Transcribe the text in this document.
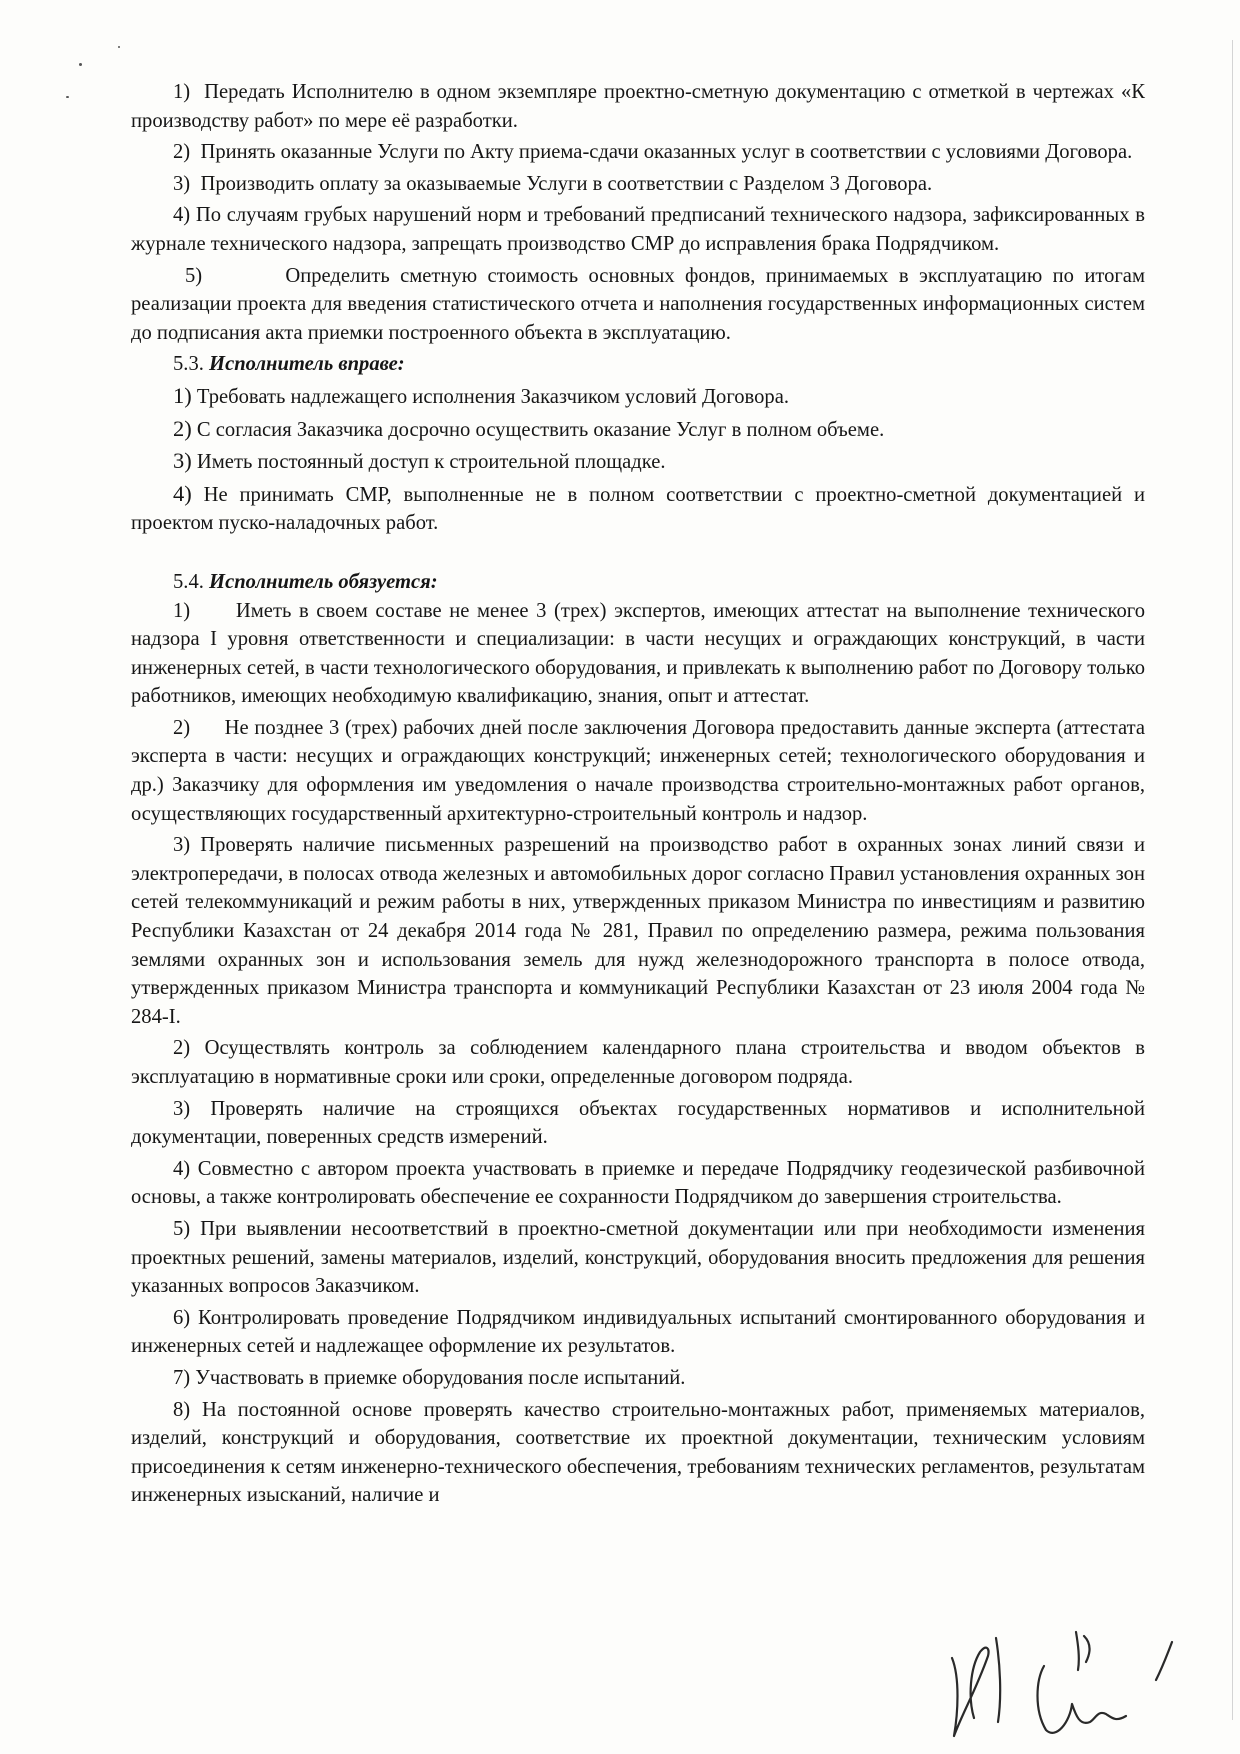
1)  Передать Исполнителю в одном экземпляре проектно-сметную документацию с отметкой в чертежах «К производству работ» по мере её разработки.

2)  Принять оказанные Услуги по Акту приема-сдачи оказанных услуг в соответствии с условиями Договора.

3)  Производить оплату за оказываемые Услуги в соответствии с Разделом 3 Договора.

4) По случаям грубых нарушений норм и требований предписаний технического надзора, зафиксированных в журнале технического надзора, запрещать производство СМР до исправления брака Подрядчиком.

5)        Определить сметную стоимость основных фондов, принимаемых в эксплуатацию по итогам реализации проекта для введения статистического отчета и наполнения государственных информационных систем до подписания акта приемки построенного объекта в эксплуатацию.

5.3. Исполнитель вправе:

1) Требовать надлежащего исполнения Заказчиком условий Договора.

2) С согласия Заказчика досрочно осуществить оказание Услуг в полном объеме.

3) Иметь постоянный доступ к строительной площадке.

4) Не принимать СМР, выполненные не в полном соответствии с проектно-сметной документацией и проектом пуско-наладочных работ.

5.4. Исполнитель обязуется:

1)      Иметь в своем составе не менее 3 (трех) экспертов, имеющих аттестат на выполнение технического надзора I уровня ответственности и специализации: в части несущих и ограждающих конструкций, в части инженерных сетей, в части технологического оборудования, и привлекать к выполнению работ по Договору только работников, имеющих необходимую квалификацию, знания, опыт и аттестат.

2)      Не позднее 3 (трех) рабочих дней после заключения Договора предоставить данные эксперта (аттестата эксперта в части: несущих и ограждающих конструкций; инженерных сетей; технологического оборудования и др.) Заказчику для оформления им уведомления о начале производства строительно-монтажных работ органов, осуществляющих государственный архитектурно-строительный контроль и надзор.

3) Проверять наличие письменных разрешений на производство работ в охранных зонах линий связи и электропередачи, в полосах отвода железных и автомобильных дорог согласно Правил установления охранных зон сетей телекоммуникаций и режим работы в них, утвержденных приказом Министра по инвестициям и развитию Республики Казахстан от 24 декабря 2014 года № 281, Правил по определению размера, режима пользования землями охранных зон и использования земель для нужд железнодорожного транспорта в полосе отвода, утвержденных приказом Министра транспорта и коммуникаций Республики Казахстан от 23 июля 2004 года № 284-I.

2) Осуществлять контроль за соблюдением календарного плана строительства и вводом объектов в эксплуатацию в нормативные сроки или сроки, определенные договором подряда.

3) Проверять наличие на строящихся объектах государственных нормативов и исполнительной документации, поверенных средств измерений.

4) Совместно с автором проекта участвовать в приемке и передаче Подрядчику геодезической разбивочной основы, а также контролировать обеспечение ее сохранности Подрядчиком до завершения строительства.

5) При выявлении несоответствий в проектно-сметной документации или при необходимости изменения проектных решений, замены материалов, изделий, конструкций, оборудования вносить предложения для решения указанных вопросов Заказчиком.

6) Контролировать проведение Подрядчиком индивидуальных испытаний смонтированного оборудования и инженерных сетей и надлежащее оформление их результатов.

7) Участвовать в приемке оборудования после испытаний.

8) На постоянной основе проверять качество строительно-монтажных работ, применяемых материалов, изделий, конструкций и оборудования, соответствие их проектной документации, техническим условиям присоединения к сетям инженерно-технического обеспечения, требованиям технических регламентов, результатам инженерных изысканий, наличие и
